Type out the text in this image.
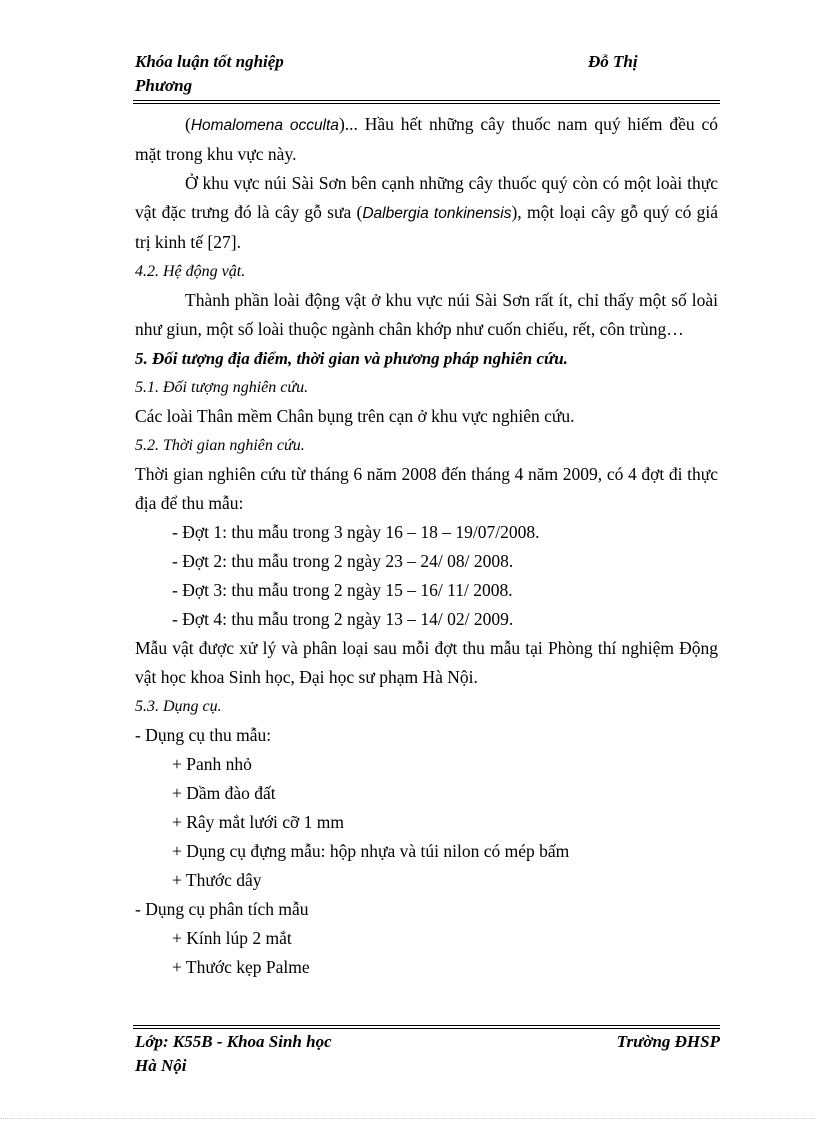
Khóa luận tốt nghiệp	Đỗ Thị
Phương

(Homalomena occulta)... Hầu hết những cây thuốc nam quý hiếm đều có mặt trong khu vực này.

Ở khu vực núi Sài Sơn bên cạnh những cây thuốc quý còn có một loài thực vật đặc trưng đó là cây gỗ sưa (Dalbergia tonkinensis), một loại cây gỗ quý có giá trị kinh tế [27].

4.2. Hệ động vật.

Thành phần loài động vật ở khu vực núi Sài Sơn rất ít, chỉ thấy một số loài như giun, một số loài thuộc ngành chân khớp như cuốn chiếu, rết, côn trùng…

5. Đối tượng địa điểm, thời gian và phương pháp nghiên cứu.

5.1. Đối tượng nghiên cứu.

Các loài Thân mềm Chân bụng trên cạn ở khu vực nghiên cứu.

5.2. Thời gian nghiên cứu.

Thời gian nghiên cứu từ tháng 6 năm 2008 đến tháng 4 năm 2009, có 4 đợt đi thực địa để thu mẫu:

- Đợt 1: thu mẫu trong 3 ngày 16 – 18 – 19/07/2008.

- Đợt 2: thu mẫu trong 2 ngày 23 – 24/ 08/ 2008.

- Đợt 3: thu mẫu trong 2 ngày 15 – 16/ 11/ 2008.

- Đợt 4: thu mẫu trong 2 ngày 13 – 14/ 02/ 2009.

Mẫu vật được xử lý và phân loại sau mỗi đợt thu mẫu tại Phòng thí nghiệm Động vật học khoa Sinh học, Đại học sư phạm Hà Nội.

5.3. Dụng cụ.

- Dụng cụ thu mẫu:

+ Panh nhỏ

+ Dầm đào đất

+ Rây mắt lưới cỡ 1 mm

+ Dụng cụ đựng mẫu: hộp nhựa và túi nilon có mép bấm

+ Thước dây

- Dụng cụ phân tích mẫu

+ Kính lúp 2 mắt

+ Thước kẹp Palme

Lớp: K55B - Khoa Sinh học	Trường ĐHSP
Hà Nội
